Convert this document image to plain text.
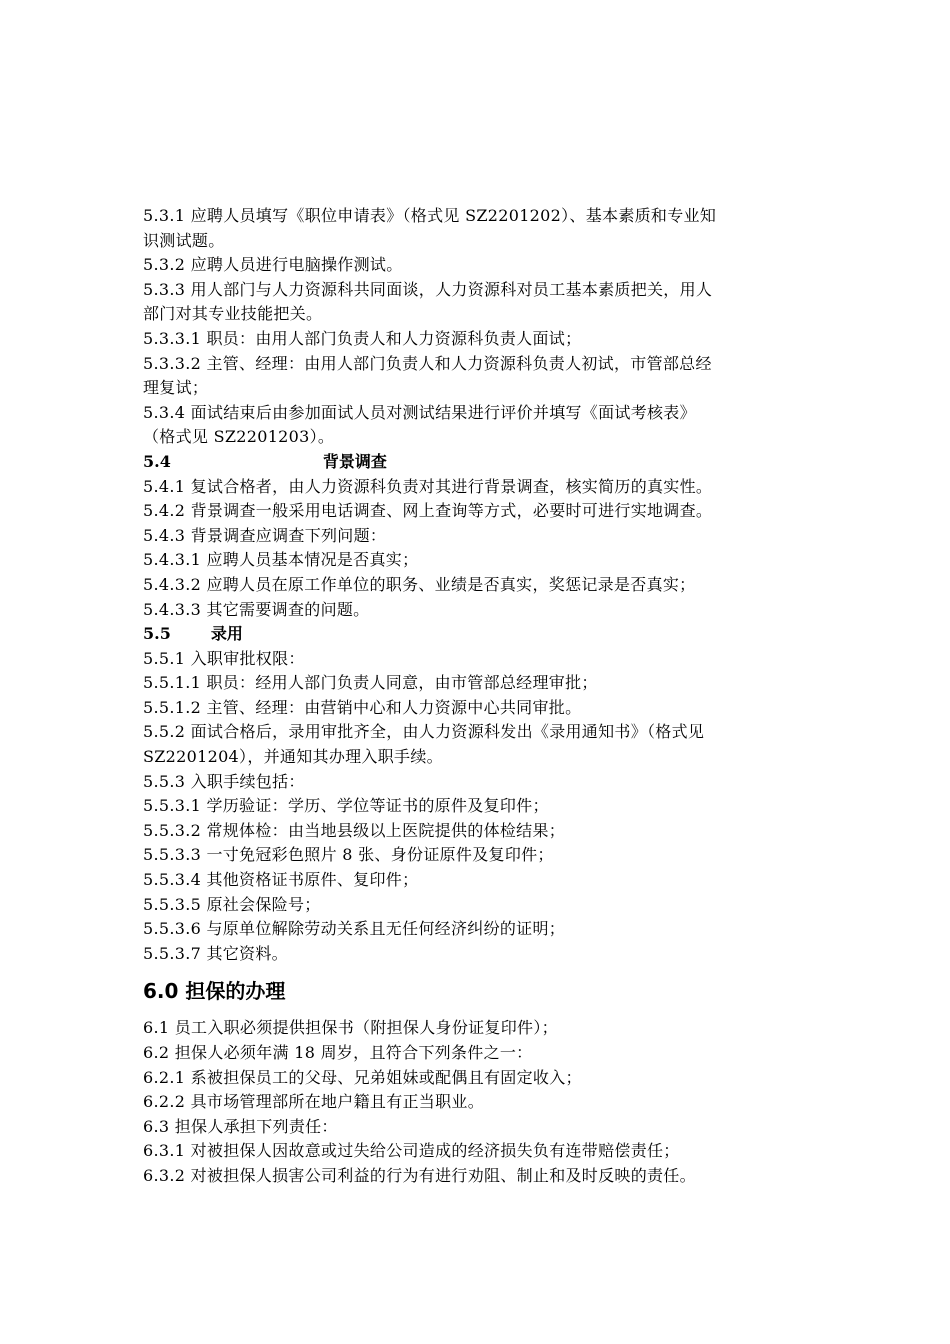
5.3.1 应聘人员填写《职位申请表》（格式见 SZ2201202）、基本素质和专业知
识测试题。
5.3.2 应聘人员进行电脑操作测试。
5.3.3 用人部门与人力资源科共同面谈，人力资源科对员工基本素质把关，用人
部门对其专业技能把关。
5.3.3.1 职员：由用人部门负责人和人力资源科负责人面试；
5.3.3.2 主管、经理：由用人部门负责人和人力资源科负责人初试，市管部总经
理复试；
5.3.4 面试结束后由参加面试人员对测试结果进行评价并填写《面试考核表》
（格式见 SZ2201203）。
5.4	背景调查
5.4.1 复试合格者，由人力资源科负责对其进行背景调查，核实简历的真实性。
5.4.2 背景调查一般采用电话调查、网上查询等方式，必要时可进行实地调查。
5.4.3 背景调查应调查下列问题：
5.4.3.1 应聘人员基本情况是否真实；
5.4.3.2 应聘人员在原工作单位的职务、业绩是否真实，奖惩记录是否真实；
5.4.3.3 其它需要调查的问题。
5.5	录用
5.5.1 入职审批权限：
5.5.1.1 职员：经用人部门负责人同意，由市管部总经理审批；
5.5.1.2 主管、经理：由营销中心和人力资源中心共同审批。
5.5.2 面试合格后，录用审批齐全，由人力资源科发出《录用通知书》（格式见
SZ2201204），并通知其办理入职手续。
5.5.3 入职手续包括：
5.5.3.1 学历验证：学历、学位等证书的原件及复印件；
5.5.3.2 常规体检：由当地县级以上医院提供的体检结果；
5.5.3.3 一寸免冠彩色照片 8 张、身份证原件及复印件；
5.5.3.4 其他资格证书原件、复印件；
5.5.3.5 原社会保险号；
5.5.3.6 与原单位解除劳动关系且无任何经济纠纷的证明；
5.5.3.7 其它资料。
6.0 担保的办理
6.1 员工入职必须提供担保书（附担保人身份证复印件）；
6.2 担保人必须年满 18 周岁，且符合下列条件之一：
6.2.1 系被担保员工的父母、兄弟姐妹或配偶且有固定收入；
6.2.2 具市场管理部所在地户籍且有正当职业。
6.3 担保人承担下列责任：
6.3.1 对被担保人因故意或过失给公司造成的经济损失负有连带赔偿责任；
6.3.2 对被担保人损害公司利益的行为有进行劝阻、制止和及时反映的责任。
